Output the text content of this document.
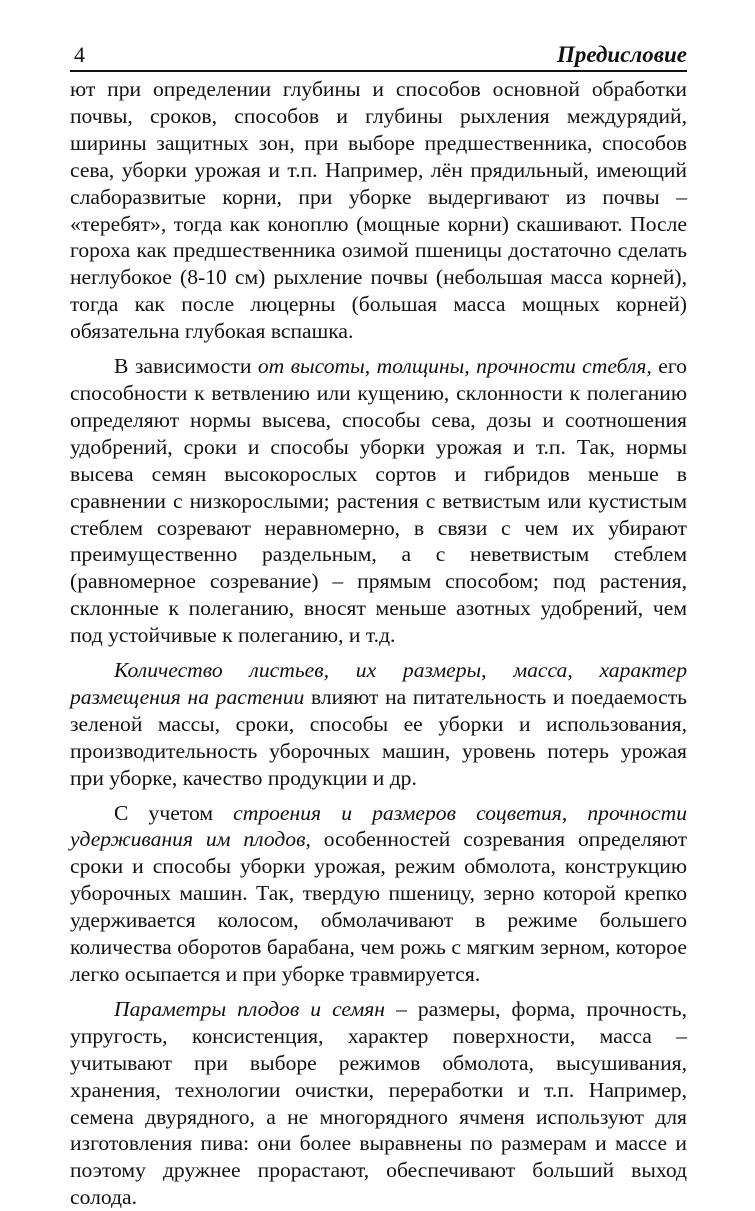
4	Предисловие

ют при определении глубины и способов основной обработки почвы, сроков, способов и глубины рыхления междурядий, ширины защитных зон, при выборе предшественника, способов сева, уборки урожая и т.п. Например, лён прядильный, имеющий слаборазвитые корни, при уборке выдергивают из почвы – «теребят», тогда как коноплю (мощные корни) скашивают. После гороха как предшественника озимой пшеницы достаточно сделать неглубокое (8-10 см) рыхление почвы (небольшая масса корней), тогда как после люцерны (большая масса мощных корней) обязательна глубокая вспашка.

В зависимости от высоты, толщины, прочности стебля, его способности к ветвлению или кущению, склонности к полеганию определяют нормы высева, способы сева, дозы и соотношения удобрений, сроки и способы уборки урожая и т.п. Так, нормы высева семян высокорослых сортов и гибридов меньше в сравнении с низкорослыми; растения с ветвистым или кустистым стеблем созревают неравномерно, в связи с чем их убирают преимущественно раздельным, а с неветвистым стеблем (равномерное созревание) – прямым способом; под растения, склонные к полеганию, вносят меньше азотных удобрений, чем под устойчивые к полеганию, и т.д.

Количество листьев, их размеры, масса, характер размещения на растении влияют на питательность и поедаемость зеленой массы, сроки, способы ее уборки и использования, производительность уборочных машин, уровень потерь урожая при уборке, качество продукции и др.

С учетом строения и размеров соцветия, прочности удерживания им плодов, особенностей созревания определяют сроки и способы уборки урожая, режим обмолота, конструкцию уборочных машин. Так, твердую пшеницу, зерно которой крепко удерживается колосом, обмолачивают в режиме большего количества оборотов барабана, чем рожь с мягким зерном, которое легко осыпается и при уборке травмируется.

Параметры плодов и семян – размеры, форма, прочность, упругость, консистенция, характер поверхности, масса – учитывают при выборе режимов обмолота, высушивания, хранения, технологии очистки, переработки и т.п. Например, семена двурядного, а не многорядного ячменя используют для изготовления пива: они более выравнены по размерам и массе и поэтому дружнее прорастают, обеспечивают больший выход солода.
